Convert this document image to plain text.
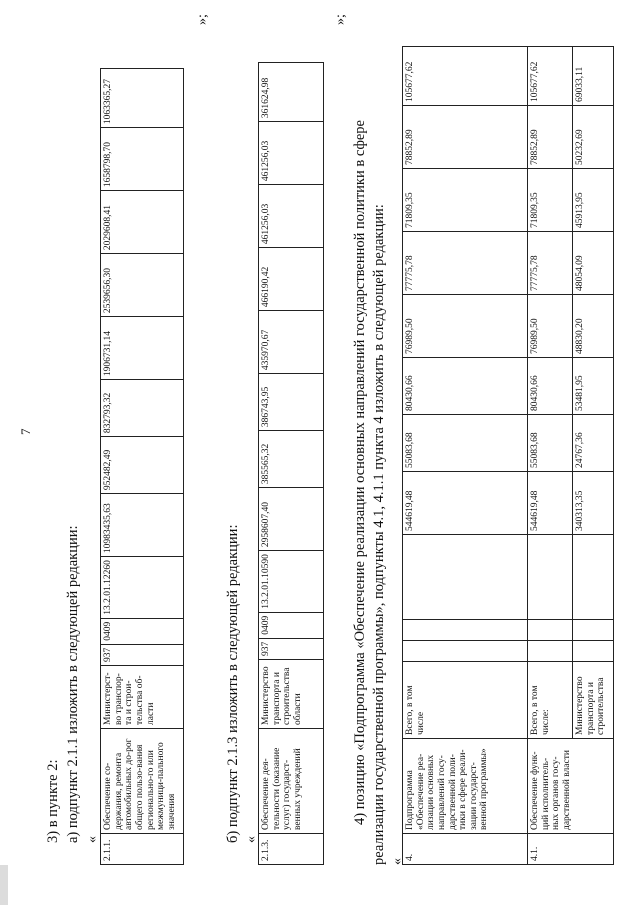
7
3) в пункте 2: а) подпункт 2.1.1 изложить в следующей редакции: «
2.1.1.	Обеспечение со-держания, ремонта автомобильных до-рог общего пользо-вания регионально-го или межмуници-пального значения	Министерст-во транспор-та и строи-тельства об-ласти	937	0409	13.2.01.12260	10983435,63	952482,49	832793,32	1906731,14	2539656,30	2029608,41	1658798,70	1063365,27
»;
б) подпункт 2.1.3 изложить в следующей редакции: «
2.1.3.	Обеспечение дея-тельности (оказание услуг) государст-венных учреждений	Министерство транспорта и строительства области	937	0409	13.2.01.10590	2958607,40	385565,32	386743,95	435970,67	466190,42	461256,03	461256,03	361624,98
»;
4) позицию «Подпрограмма «Обеспечение реализации основных направлений государственной политики в сфере реализации государственной программы», подпункты 4.1, 4.1.1 пункта 4 изложить в следующей редакции: «
4.	Подпрограмма «Обеспечение реа-лизации основных направлений госу-дарственной поли-тики в сфере реали-зации государст-венной программы»	Всего, в том числе				544619,48	55083,68	80430,66	76989,50	77775,78	71809,35	78852,89	105677,62
4.1.	Обеспечение функ-ций исполнитель-ных органов госу-дарственной власти	Всего, в том числе:				544619,48	55083,68	80430,66	76989,50	77775,78	71809,35	78852,89	105677,62
		Министерство транспорта и строительства				340313,35	24767,36	53481,95	48830,20	48054,09	45913,95	50232,69	69033,11
